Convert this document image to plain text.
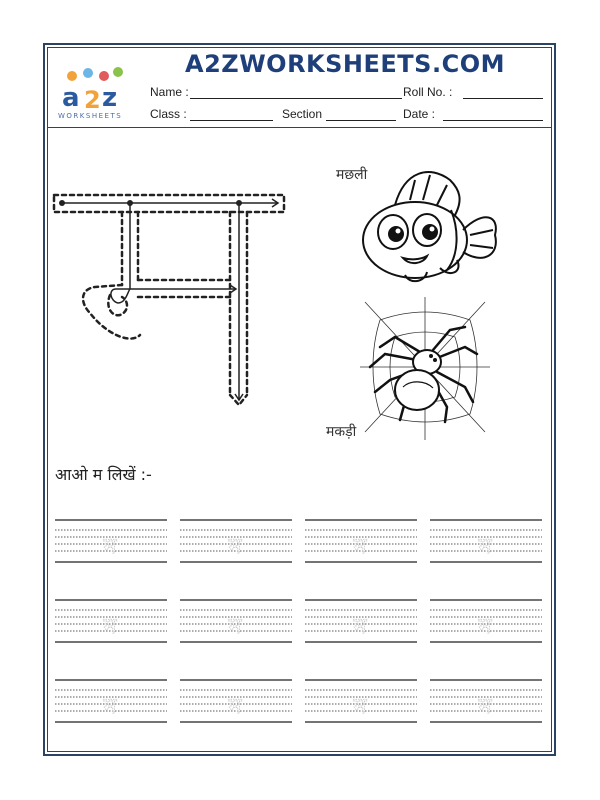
a 2 z
WORKSHEETS
A2ZWORKSHEETS.COM
Name :	Roll No. :
Class :	Section	Date :
मछली
मकड़ी
आओ म लिखें :-
म	म	म	म
म	म	म	म
म	म	म	म
